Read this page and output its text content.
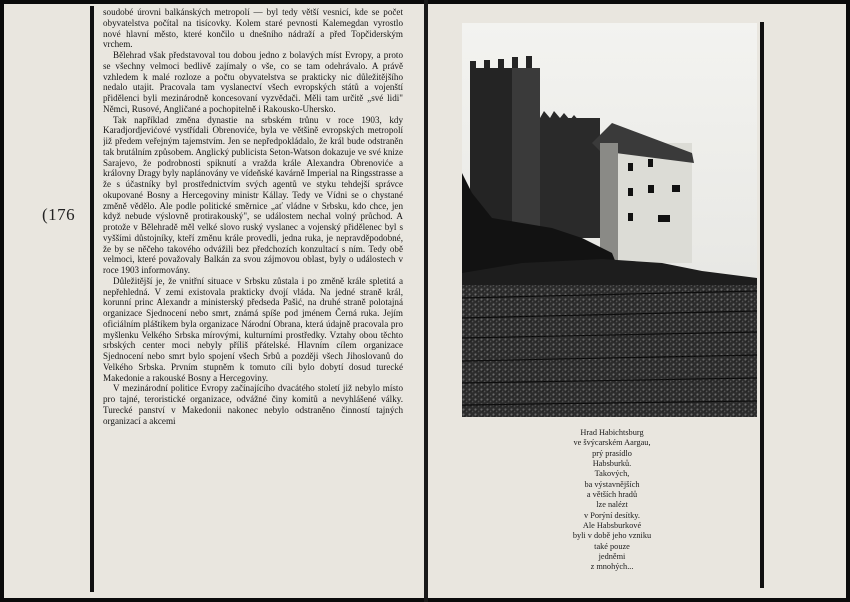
(176

soudobé úrovni balkánských metropolí — byl tedy větší vesnicí, kde se počet obyvatelstva počítal na tisícovky. Kolem staré pevnosti Kalemegdan vyrostlo nové hlavní město, které končilo u dnešního nádraží a před Topčiderským vrchem.

Bělehrad však představoval tou dobou jedno z bolavých míst Evropy, a proto se všechny velmoci bedlivě zajímaly o vše, co se tam odehrávalo. A právě vzhledem k malé rozloze a počtu obyvatelstva se prakticky nic důležitějšího nedalo utajit. Pracovala tam vyslanectví všech evropských států a vojenští přidělenci byli mezinárodně koncesovaní vyzvědači. Měli tam určitě „své lidi" Němci, Rusové, Angličané a pochopitelně i Rakousko-Uhersko.

Tak například změna dynastie na srbském trůnu v roce 1903, kdy Karadjordjevićové vystřídali Obrenoviće, byla ve většině evropských metropolí již předem veřejným tajemstvím. Jen se nepředpokládalo, že král bude odstraněn tak brutálním způsobem. Anglický publicista Seton-Watson dokazuje ve své knize Sarajevo, že podrobnosti spiknutí a vražda krále Alexandra Obrenoviće a královny Dragy byly naplánovány ve vídeňské kavárně Imperial na Ringsstrasse a že s účastníky byl prostřednictvím svých agentů ve styku tehdejší správce okupované Bosny a Hercegoviny ministr Kállay. Tedy ve Vídni se o chystané změně vědělo. Ale podle politické směrnice „ať vládne v Srbsku, kdo chce, jen když nebude výslovně protirakouský", se událostem nechal volný průchod. A protože v Bělehradě měl velké slovo ruský vyslanec a vojenský přidělenec byl s vyššími důstojníky, kteří změnu krále provedli, jedna ruka, je nepravděpodobné, že by se něčeho takového odvážili bez předchozích konzultací s ním. Tedy obě velmoci, které považovaly Balkán za svou zájmovou oblast, byly o událostech v roce 1903 informovány.

Důležitější je, že vnitřní situace v Srbsku zůstala i po změně krále spletitá a nepřehledná. V zemi existovala prakticky dvojí vláda. Na jedné straně král, korunní princ Alexandr a ministerský předseda Pašić, na druhé straně polotajná organizace Sjednocení nebo smrt, známá spíše pod jménem Černá ruka. Jejím oficiálním pláštíkem byla organizace Národní Obrana, která údajně pracovala pro myšlenku Velkého Srbska mírovými, kulturními prostředky. Vztahy obou těchto srbských center moci nebyly příliš přátelské. Hlavním cílem organizace Sjednocení nebo smrt bylo spojení všech Srbů a později všech Jihoslovanů do Velkého Srbska. Prvním stupněm k tomuto cíli bylo dobytí dosud turecké Makedonie a rakouské Bosny a Hercegoviny.

V mezinárodní politice Evropy začínajícího dvacátého století již nebylo místo pro tajné, teroristické organizace, odvážné činy komitů a nevyhlášené války. Turecké panství v Makedonii nakonec nebylo odstraněno činností tajných organizací a akcemi

Hrad Habichtsburg
ve švýcarském Aargau,
prý prasídlo
Habsburků.
Takových,
ba výstavnějších
a větších hradů
lze nalézt
v Porýní desítky.
Ale Habsburkové
byli v době jeho vzniku
také pouze
jedněmi
z mnohých...
